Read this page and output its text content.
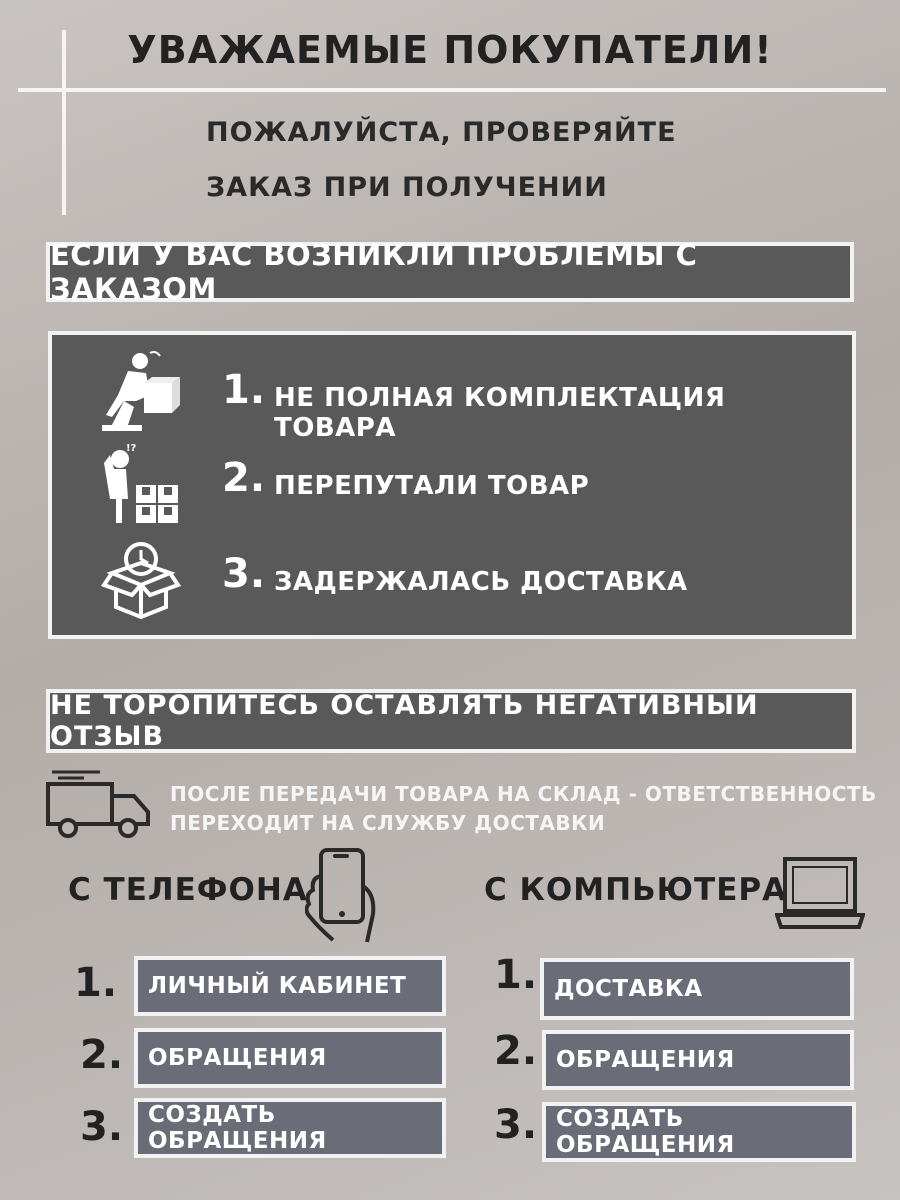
УВАЖАЕМЫЕ ПОКУПАТЕЛИ!
ПОЖАЛУЙСТА, ПРОВЕРЯЙТЕ
ЗАКАЗ ПРИ ПОЛУЧЕНИИ
ЕСЛИ У ВАС ВОЗНИКЛИ ПРОБЛЕМЫ С ЗАКАЗОМ
1. НЕ ПОЛНАЯ КОМПЛЕКТАЦИЯ ТОВАРА
!?
2. ПЕРЕПУТАЛИ ТОВАР
3. ЗАДЕРЖАЛАСЬ ДОСТАВКА
НЕ ТОРОПИТЕСЬ ОСТАВЛЯТЬ НЕГАТИВНЫЙ ОТЗЫВ
ПОСЛЕ ПЕРЕДАЧИ ТОВАРА НА СКЛАД - ОТВЕТСТВЕННОСТЬ
ПЕРЕХОДИТ НА СЛУЖБУ ДОСТАВКИ
С ТЕЛЕФОНА	С КОМПЬЮТЕРА
1.	ЛИЧНЫЙ КАБИНЕТ
2.	ОБРАЩЕНИЯ
3.	СОЗДАТЬ ОБРАЩЕНИЯ
1. ДОСТАВКА
2. ОБРАЩЕНИЯ
3. СОЗДАТЬ ОБРАЩЕНИЯ
